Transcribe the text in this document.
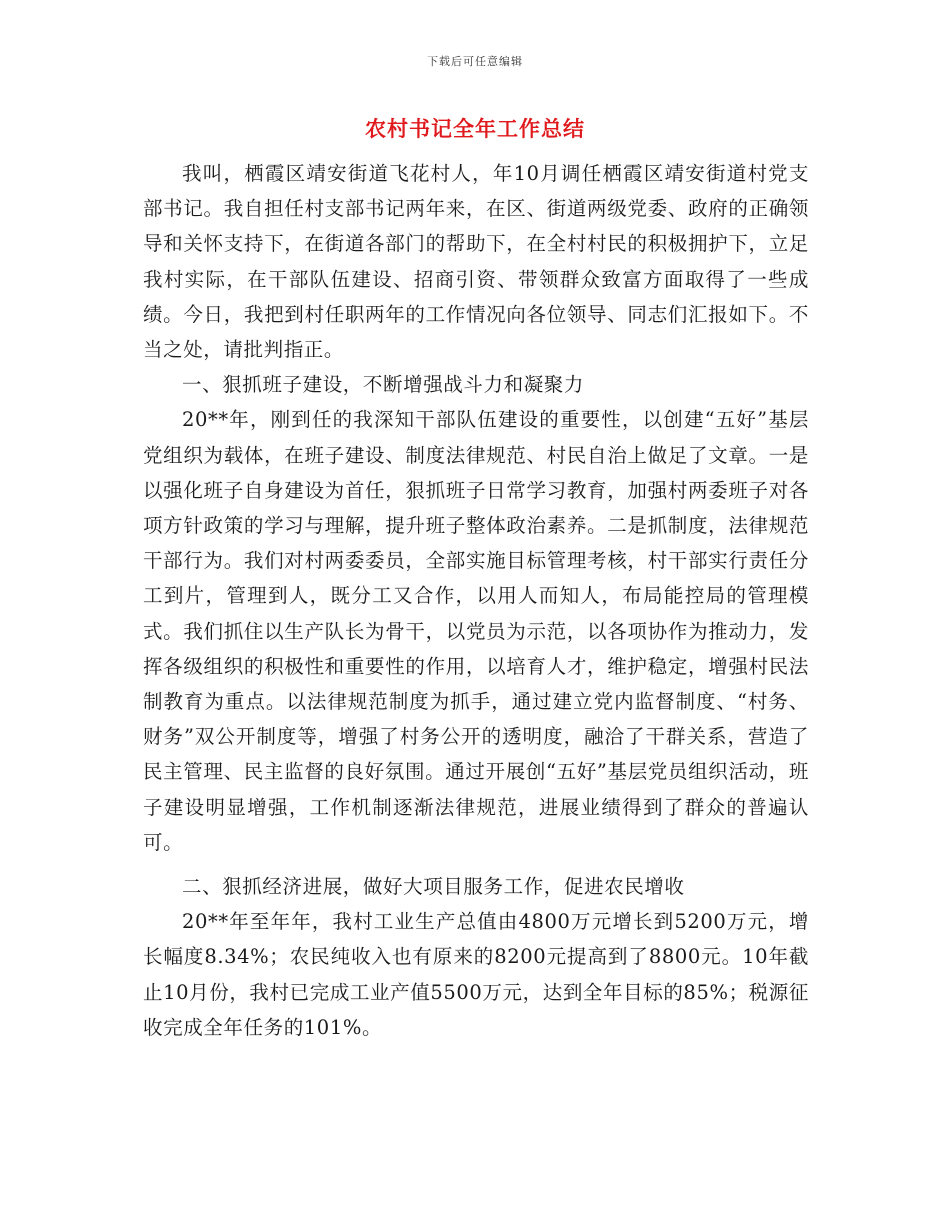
下载后可任意编辑
农村书记全年工作总结

我叫，栖霞区靖安街道飞花村人，年10月调任栖霞区靖安街道村党支部书记。我自担任村支部书记两年来，在区、街道两级党委、政府的正确领导和关怀支持下，在街道各部门的帮助下，在全村村民的积极拥护下，立足我村实际，在干部队伍建设、招商引资、带领群众致富方面取得了一些成绩。今日，我把到村任职两年的工作情况向各位领导、同志们汇报如下。不当之处，请批判指正。

一、狠抓班子建设，不断增强战斗力和凝聚力

20**年，刚到任的我深知干部队伍建设的重要性，以创建“五好”基层党组织为载体，在班子建设、制度法律规范、村民自治上做足了文章。一是以强化班子自身建设为首任，狠抓班子日常学习教育，加强村两委班子对各项方针政策的学习与理解，提升班子整体政治素养。二是抓制度，法律规范干部行为。我们对村两委委员，全部实施目标管理考核，村干部实行责任分工到片，管理到人，既分工又合作，以用人而知人，布局能控局的管理模式。我们抓住以生产队长为骨干，以党员为示范，以各项协作为推动力，发挥各级组织的积极性和重要性的作用，以培育人才，维护稳定，增强村民法制教育为重点。以法律规范制度为抓手，通过建立党内监督制度、“村务、财务”双公开制度等，增强了村务公开的透明度，融洽了干群关系，营造了民主管理、民主监督的良好氛围。通过开展创“五好”基层党员组织活动，班子建设明显增强，工作机制逐渐法律规范，进展业绩得到了群众的普遍认可。

二、狠抓经济进展，做好大项目服务工作，促进农民增收

20**年至年年，我村工业生产总值由4800万元增长到5200万元，增长幅度8.34%；农民纯收入也有原来的8200元提高到了8800元。10年截止10月份，我村已完成工业产值5500万元，达到全年目标的85%；税源征收完成全年任务的101%。
